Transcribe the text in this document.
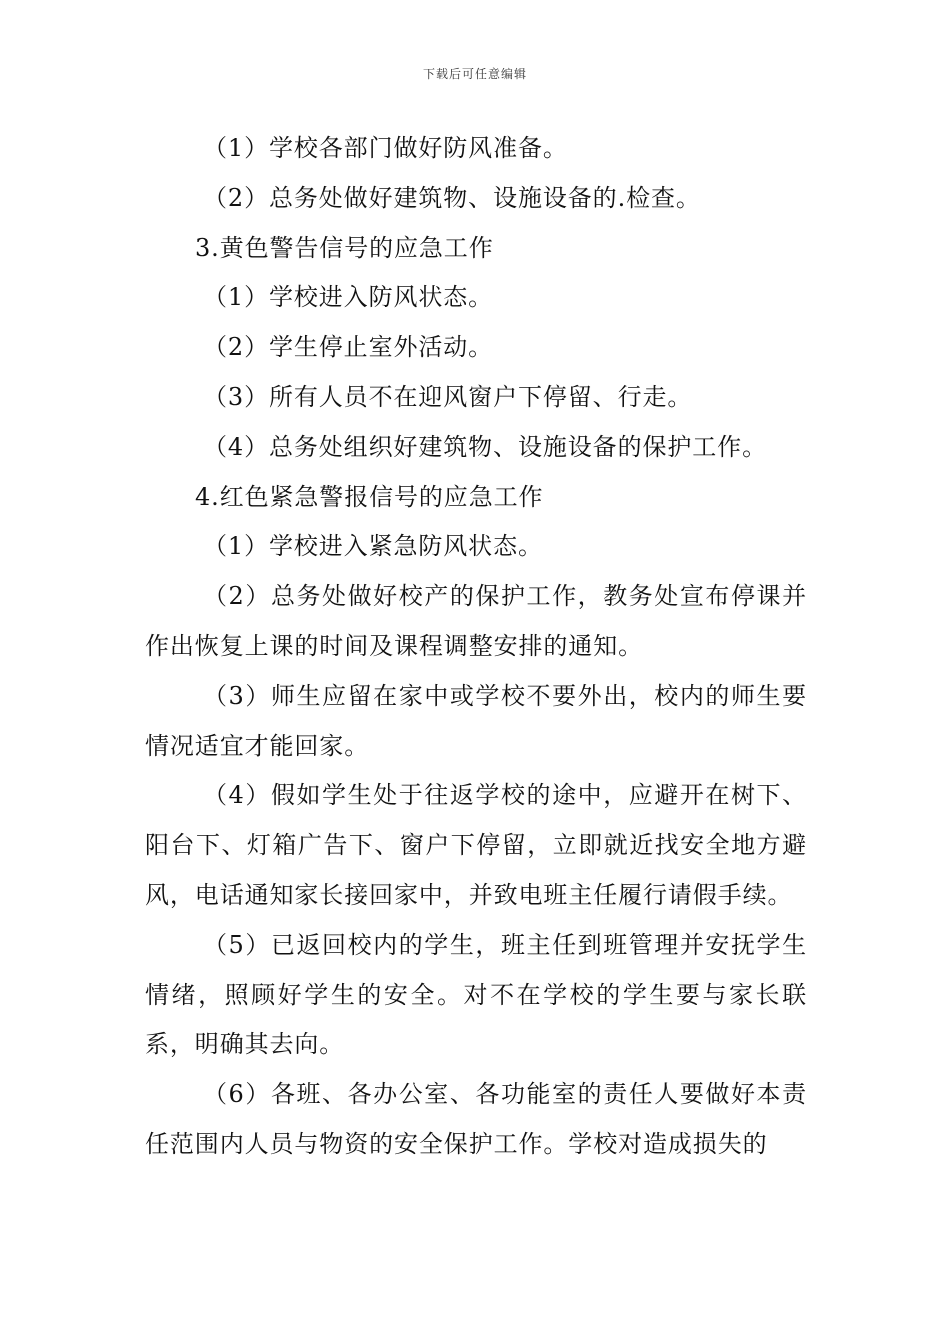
下载后可任意编辑

（1）学校各部门做好防风准备。

（2）总务处做好建筑物、设施设备的.检查。

3.黄色警告信号的应急工作

（1）学校进入防风状态。

（2）学生停止室外活动。

（3）所有人员不在迎风窗户下停留、行走。

（4）总务处组织好建筑物、设施设备的保护工作。

4.红色紧急警报信号的应急工作

（1）学校进入紧急防风状态。

（2）总务处做好校产的保护工作，教务处宣布停课并作出恢复上课的时间及课程调整安排的通知。

（3）师生应留在家中或学校不要外出，校内的师生要情况适宜才能回家。

（4）假如学生处于往返学校的途中，应避开在树下、阳台下、灯箱广告下、窗户下停留，立即就近找安全地方避风，电话通知家长接回家中，并致电班主任履行请假手续。

（5）已返回校内的学生，班主任到班管理并安抚学生情绪，照顾好学生的安全。对不在学校的学生要与家长联系，明确其去向。

（6）各班、各办公室、各功能室的责任人要做好本责任范围内人员与物资的安全保护工作。学校对造成损失的
